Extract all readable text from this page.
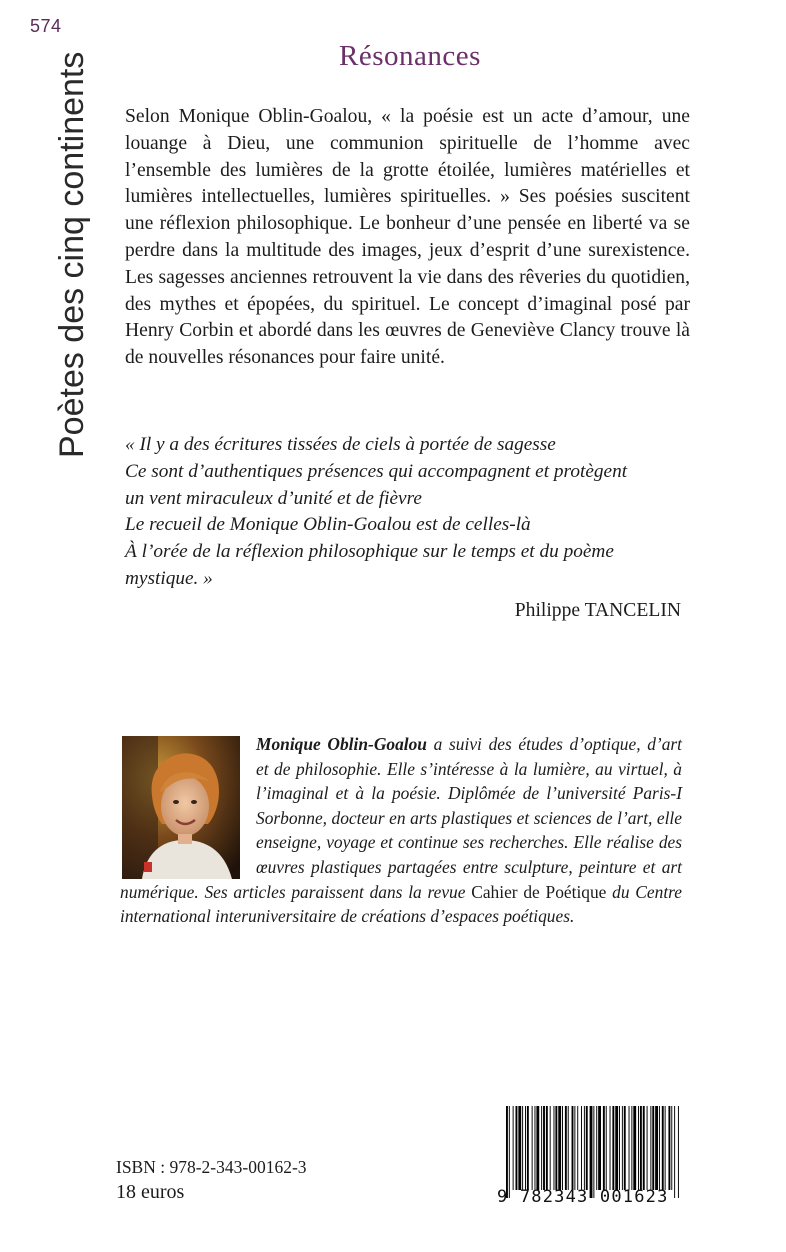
574
Poètes des cinq continents	Résonances

Selon Monique Oblin-Goalou, « la poésie est un acte d’amour, une louange à Dieu, une communion spirituelle de l’homme avec l’ensemble des lumières de la grotte étoilée, lumières matérielles et lumières intellectuelles, lumières spirituelles. » Ses poésies suscitent une réflexion philosophique. Le bonheur d’une pensée en liberté va se perdre dans la multitude des images, jeux d’esprit d’une surexistence. Les sagesses anciennes retrouvent la vie dans des rêveries du quotidien, des mythes et épopées, du spirituel. Le concept d’imaginal posé par Henry Corbin et abordé dans les œuvres de Geneviève Clancy trouve là de nouvelles résonances pour faire unité.

« Il y a des écritures tissées de ciels à portée de sagesse
Ce sont d’authentiques présences qui accompagnent et protègent
un vent miraculeux d’unité et de fièvre
Le recueil de Monique Oblin-Goalou est de celles-là
À l’orée de la réflexion philosophique sur le temps et du poème
mystique. »
Philippe TANCELIN

Monique Oblin-Goalou a suivi des études d’optique, d’art et de philosophie. Elle s’intéresse à la lumière, au virtuel, à l’imaginal et à la poésie. Diplômée de l’université Paris-I Sorbonne, docteur en arts plastiques et sciences de l’art, elle enseigne, voyage et continue ses recherches. Elle réalise des œuvres plastiques partagées entre sculpture, peinture et art numérique. Ses articles paraissent dans la revue Cahier de Poétique du Centre international interuniversitaire de créations d’espaces poétiques.

ISBN : 978-2-343-00162-3
18 euros	9 782343 001623
